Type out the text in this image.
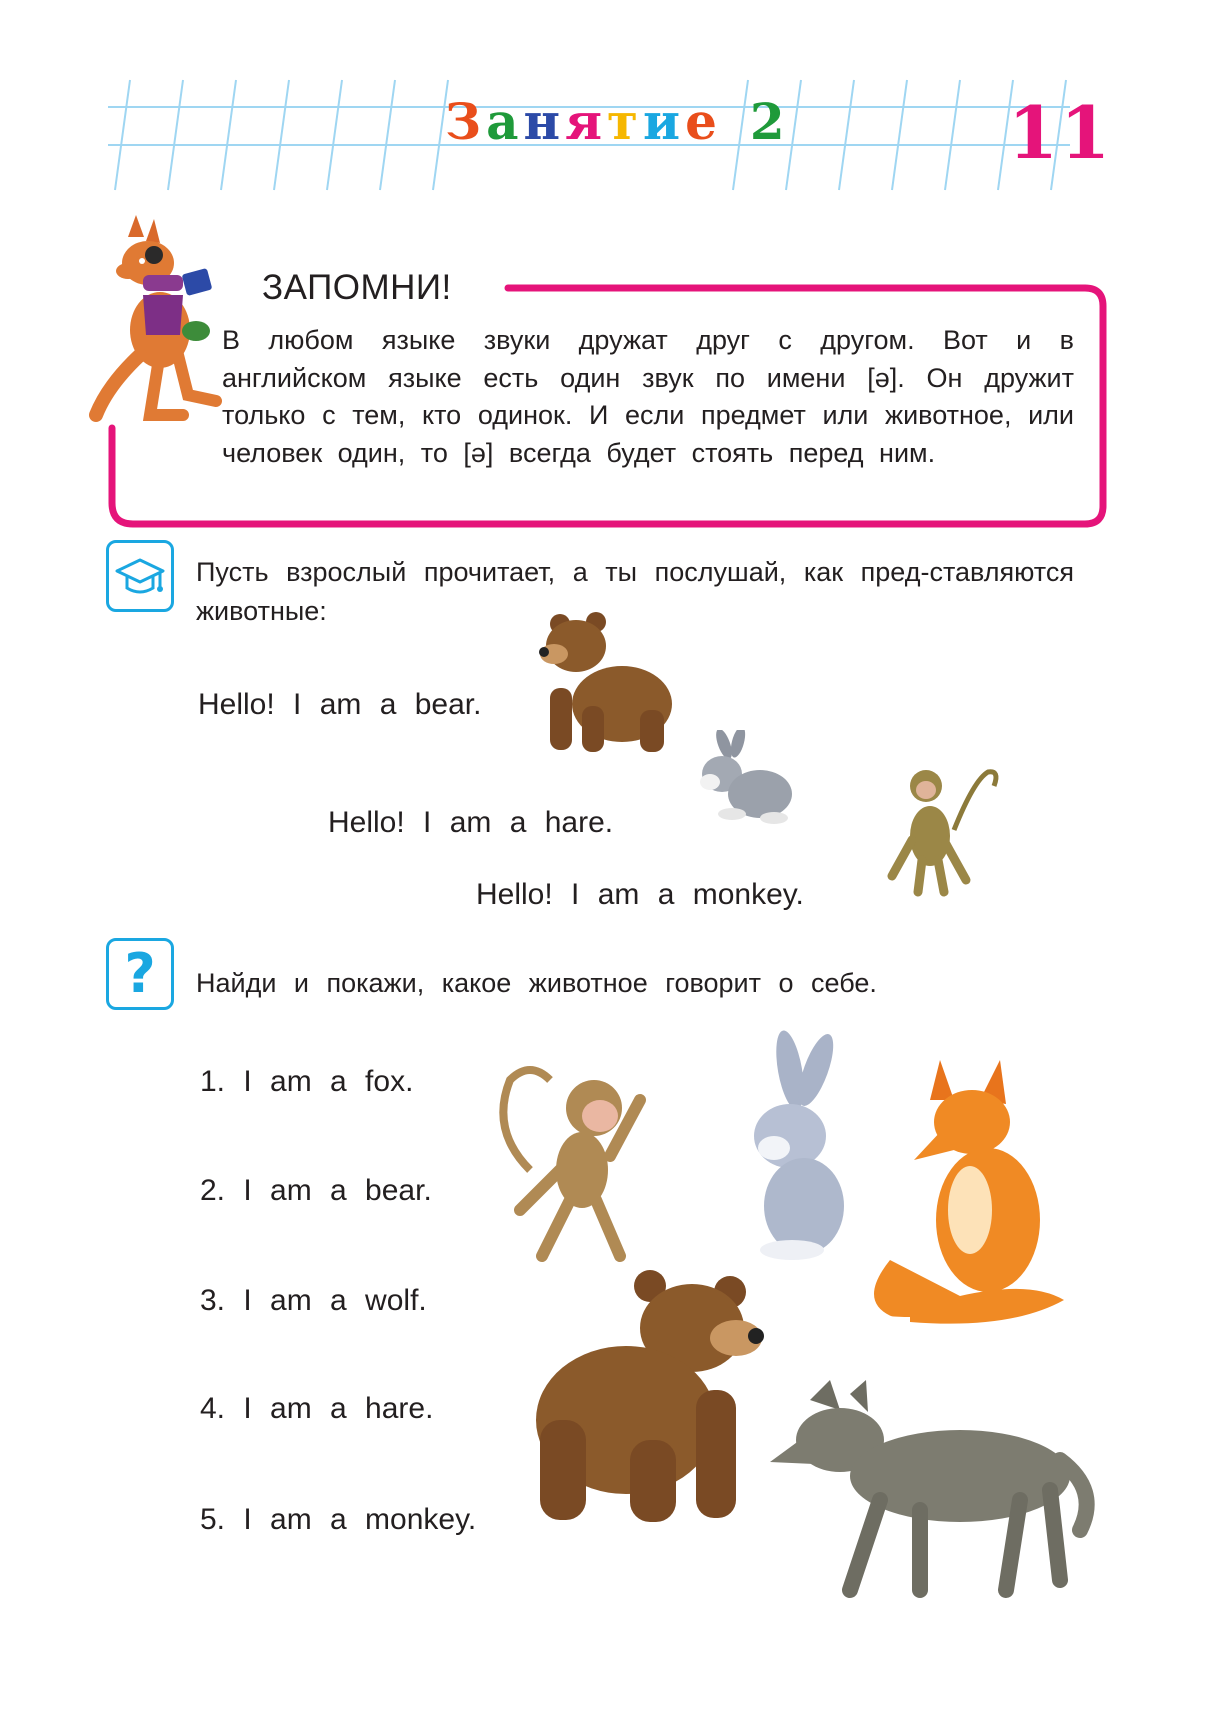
Занятие 2	11
ЗАПОМНИ!
В любом языке звуки дружат друг с другом. Вот и в английском языке есть один звук по имени [ə]. Он дружит только с тем, кто одинок. И если предмет или животное, или человек один, то [ə] всегда будет стоять перед ним.
Пусть взрослый прочитает, а ты послушай, как пред-ставляются животные:
Hello! I am a bear.
Hello! I am a hare.
Hello! I am a monkey.
?	Найди и покажи, какое животное говорит о себе.
1. I am a fox.
2. I am a bear.
3. I am a wolf.
4. I am a hare.
5. I am a monkey.
